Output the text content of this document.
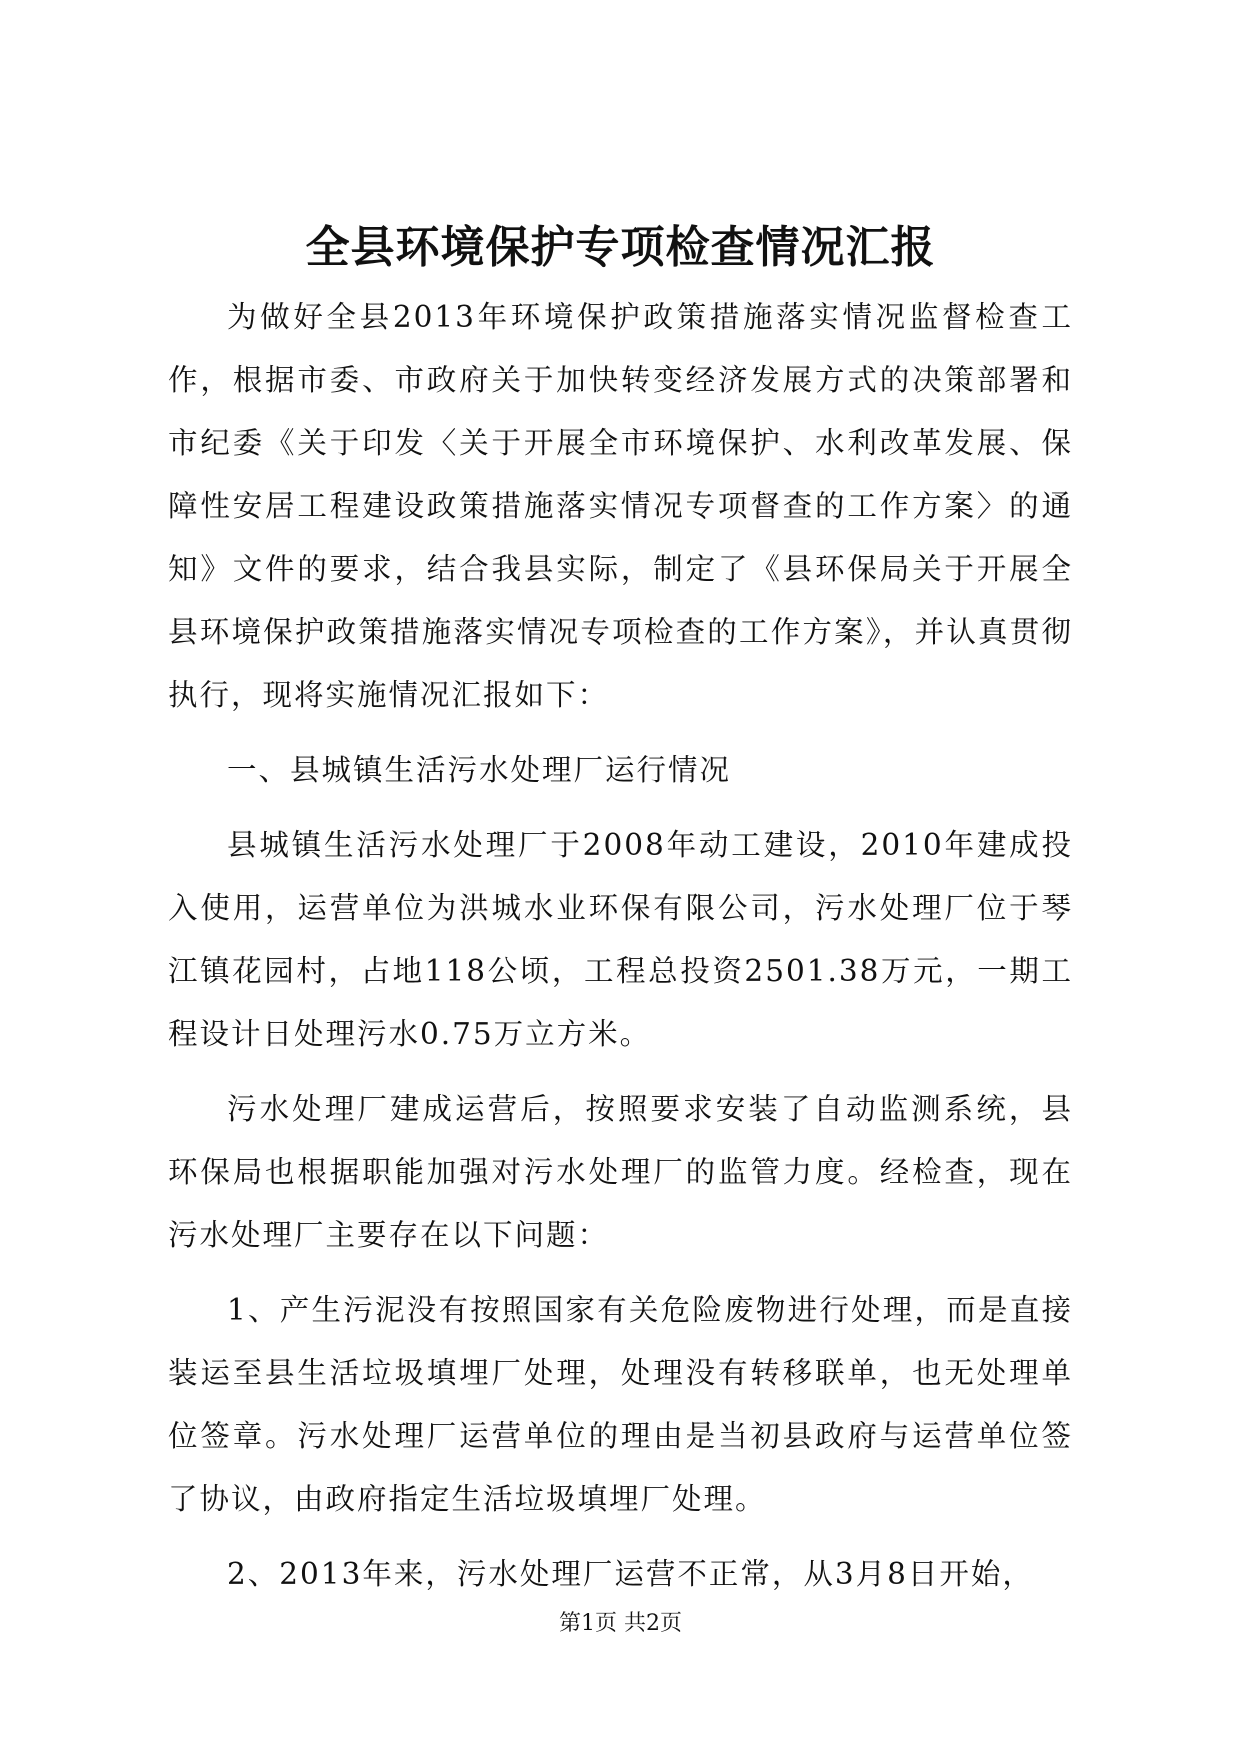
全县环境保护专项检查情况汇报

为做好全县2013年环境保护政策措施落实情况监督检查工作，根据市委、市政府关于加快转变经济发展方式的决策部署和市纪委《关于印发〈关于开展全市环境保护、水利改革发展、保障性安居工程建设政策措施落实情况专项督查的工作方案〉的通知》文件的要求，结合我县实际，制定了《县环保局关于开展全县环境保护政策措施落实情况专项检查的工作方案》，并认真贯彻执行，现将实施情况汇报如下：

一、县城镇生活污水处理厂运行情况

县城镇生活污水处理厂于2008年动工建设，2010年建成投入使用，运营单位为洪城水业环保有限公司，污水处理厂位于琴江镇花园村，占地118公顷，工程总投资2501.38万元，一期工程设计日处理污水0.75万立方米。

污水处理厂建成运营后，按照要求安装了自动监测系统，县环保局也根据职能加强对污水处理厂的监管力度。经检查，现在污水处理厂主要存在以下问题：

1、产生污泥没有按照国家有关危险废物进行处理，而是直接装运至县生活垃圾填埋厂处理，处理没有转移联单，也无处理单位签章。污水处理厂运营单位的理由是当初县政府与运营单位签了协议，由政府指定生活垃圾填埋厂处理。

2、2013年来，污水处理厂运营不正常，从3月8日开始，

第1页 共2页
